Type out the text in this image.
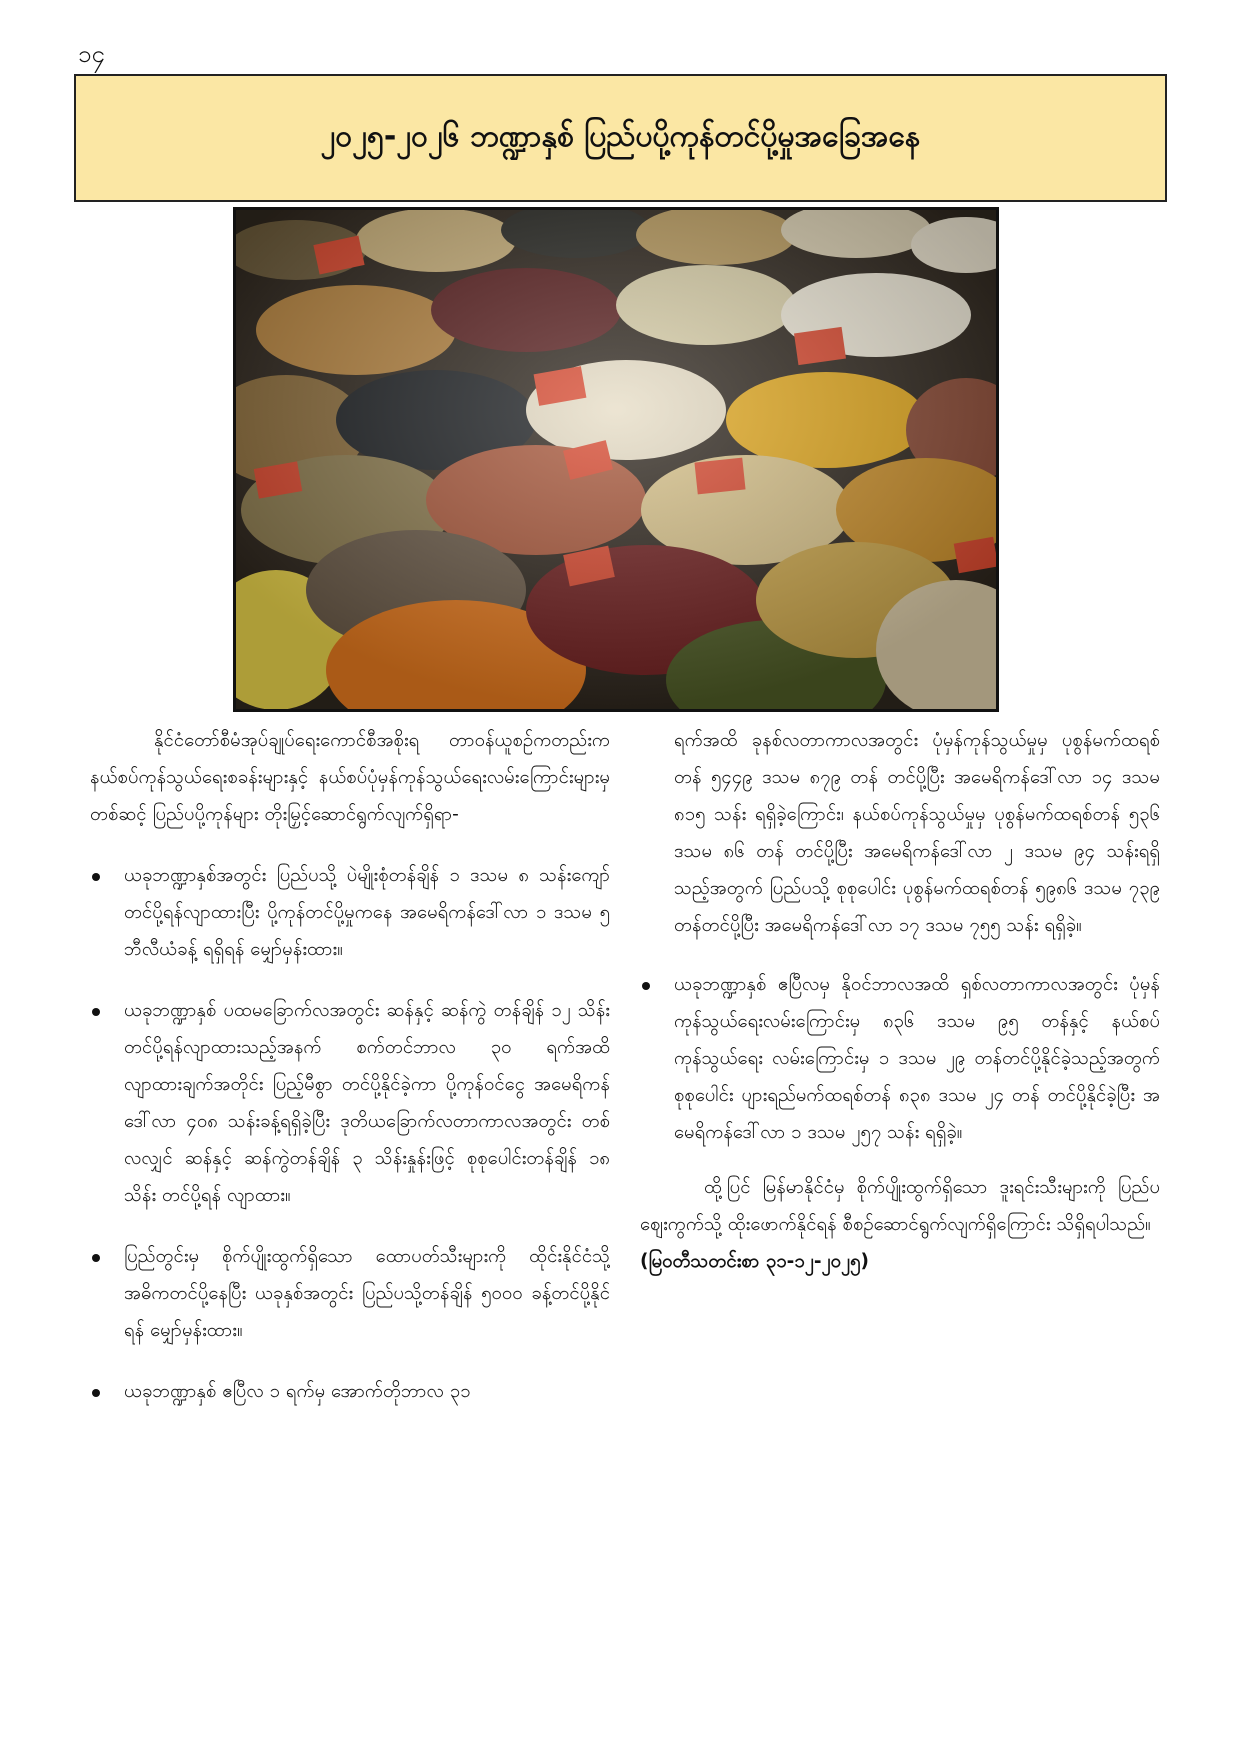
၁၄
၂၀၂၅-၂၀၂၆ ဘဏ္ဍာနှစ် ပြည်ပပို့ကုန်တင်ပို့မှုအခြေအနေ

နိုင်ငံတော်စီမံအုပ်ချုပ်ရေးကောင်စီအစိုးရ တာဝန်ယူစဉ်ကတည်းက နယ်စပ်ကုန်သွယ်ရေးစခန်းများနှင့် နယ်စပ်ပုံမှန်ကုန်သွယ်ရေးလမ်းကြောင်းများမှတစ်ဆင့် ပြည်ပပို့ကုန်များ တိုးမြှင့်ဆောင်ရွက်လျက်ရှိရာ-

ယခုဘဏ္ဍာနှစ်အတွင်း ပြည်ပသို့ ပဲမျိုးစုံတန်ချိန် ၁ ဒသမ ၈ သန်းကျော် တင်ပို့ရန်လျာထားပြီး ပို့ကုန်တင်ပို့မှုကနေ အမေရိကန်ဒေါ်လာ ၁ ဒသမ ၅ ဘီလီယံခန့် ရရှိရန် မျှော်မှန်းထား။
ယခုဘဏ္ဍာနှစ် ပထမခြောက်လအတွင်း ဆန်နှင့် ဆန်ကွဲ တန်ချိန် ၁၂ သိန်း တင်ပို့ရန်လျာထားသည့်အနက် စက်တင်ဘာလ ၃၀ ရက်အထိ လျာထားချက်အတိုင်း ပြည့်မီစွာ တင်ပို့နိုင်ခဲ့ကာ ပို့ကုန်ဝင်ငွေ အမေရိကန်ဒေါ်လာ ၄၀၈ သန်းခန့်ရရှိခဲ့ပြီး ဒုတိယခြောက်လတာကာလအတွင်း တစ်လလျှင် ဆန်နှင့် ဆန်ကွဲတန်ချိန် ၃ သိန်းနှုန်းဖြင့် စုစုပေါင်းတန်ချိန် ၁၈ သိန်း တင်ပို့ရန် လျာထား။
ပြည်တွင်းမှ စိုက်ပျိုးထွက်ရှိသော ထောပတ်သီးများကို ထိုင်းနိုင်ငံသို့ အဓိကတင်ပို့နေပြီး ယခုနှစ်အတွင်း ပြည်ပသို့တန်ချိန် ၅၀၀၀ ခန့်တင်ပို့နိုင်ရန် မျှော်မှန်းထား။
ယခုဘဏ္ဍာနှစ် ဧပြီလ ၁ ရက်မှ အောက်တိုဘာလ ၃၁

ရက်အထိ ခုနစ်လတာကာလအတွင်း ပုံမှန်ကုန်သွယ်မှုမှ ပုစွန်မက်ထရစ်တန် ၅၄၄၉ ဒသမ ၈၇၉ တန် တင်ပို့ပြီး အမေရိကန်ဒေါ်လာ ၁၄ ဒသမ ၈၁၅ သန်း ရရှိခဲ့ကြောင်း၊ နယ်စပ်ကုန်သွယ်မှုမှ ပုစွန်မက်ထရစ်တန် ၅၃၆ ဒသမ ၈၆ တန် တင်ပို့ပြီး အမေရိကန်ဒေါ်လာ ၂ ဒသမ ၉၄ သန်းရရှိသည့်အတွက် ပြည်ပသို့ စုစုပေါင်း ပုစွန်မက်ထရစ်တန် ၅၉၈၆ ဒသမ ၇၃၉ တန်တင်ပို့ပြီး အမေရိကန်ဒေါ်လာ ၁၇ ဒသမ ၇၅၅ သန်း ရရှိခဲ့။

ယခုဘဏ္ဍာနှစ် ဧပြီလမှ နိုဝင်ဘာလအထိ ရှစ်လတာကာလအတွင်း ပုံမှန်ကုန်သွယ်ရေးလမ်းကြောင်းမှ ၈၃၆ ဒသမ ၉၅ တန်နှင့် နယ်စပ်ကုန်သွယ်ရေး လမ်းကြောင်းမှ ၁ ဒသမ ၂၉ တန်တင်ပို့နိုင်ခဲ့သည့်အတွက် စုစုပေါင်း ပျားရည်မက်ထရစ်တန် ၈၃၈ ဒသမ ၂၄ တန် တင်ပို့နိုင်ခဲ့ပြီး အမေရိကန်ဒေါ်လာ ၁ ဒသမ ၂၅၇ သန်း ရရှိခဲ့။

ထို့ပြင် မြန်မာနိုင်ငံမှ စိုက်ပျိုးထွက်ရှိသော ဒူးရင်းသီးများကို ပြည်ပဈေးကွက်သို့ ထိုးဖောက်နိုင်ရန် စီစဉ်ဆောင်ရွက်လျက်ရှိကြောင်း သိရှိရပါသည်။

(မြဝတီသတင်းစာ ၃၁-၁၂-၂၀၂၅)
